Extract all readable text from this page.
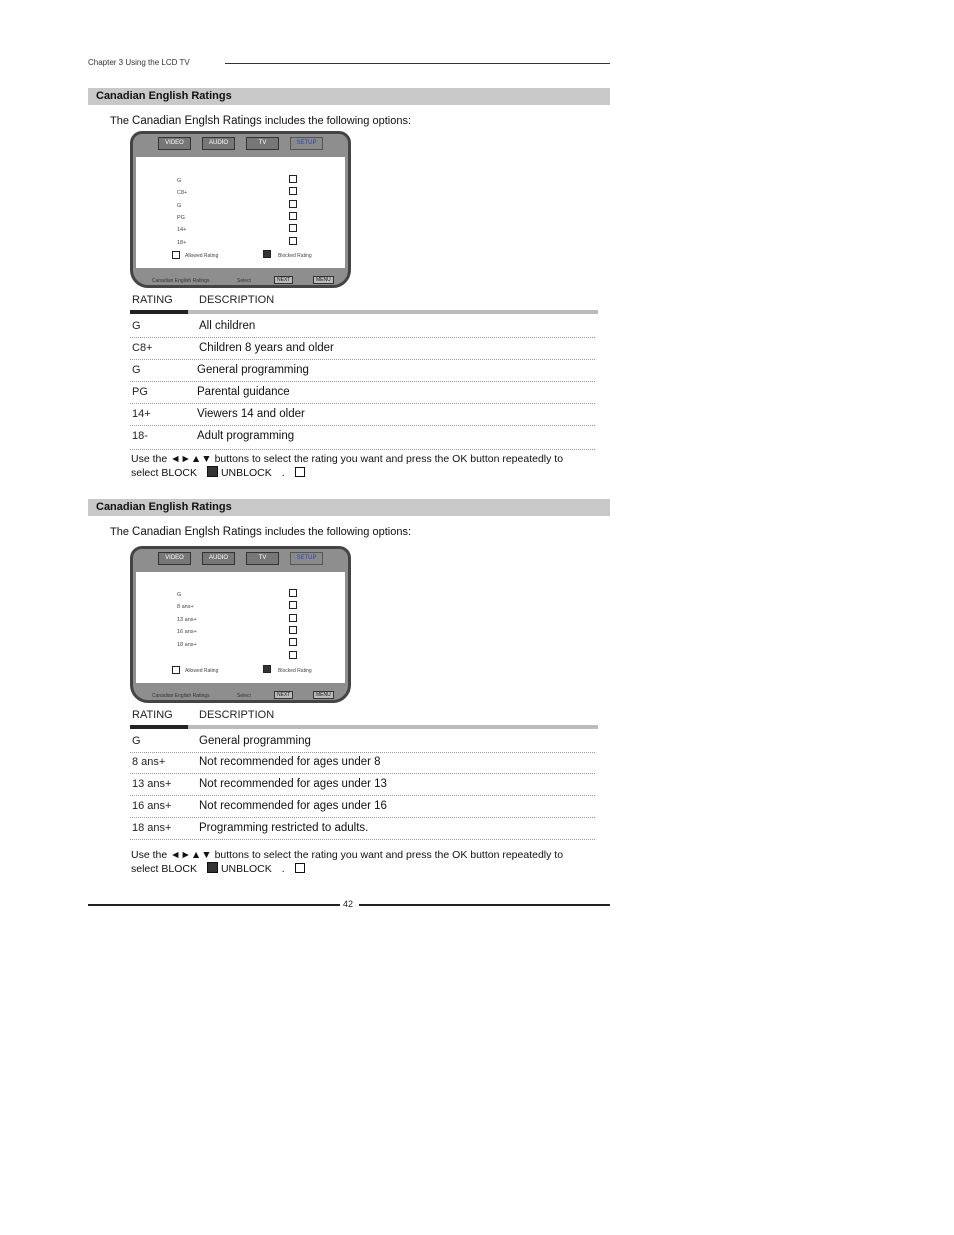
Chapter 3 Using the LCD TV
Canadian English Ratings
The Canadian Englsh Ratings includes the following options:
VIDEO	AUDIO	TV	SETUP
G
C8+
G
PG
14+
18+
Allowed Rating	Blocked Rating
Canadian English Ratings	Select	NEXT	MENU
RATING DESCRIPTION
G	All children
C8+	Children 8 years and older
G	General programming
PG	Parental guidance
14+	Viewers 14 and older
18-	Adult programming
Use the ◄►▲▼ buttons to select the rating you want and press the OK button repeatedly to
select BLOCK UNBLOCK .
Canadian English Ratings
The Canadian Englsh Ratings includes the following options:
VIDEO	AUDIO	TV	SETUP
G
8 ans+
13 ans+
16 ans+
18 ans+
Allowed Rating	Blocked Rating
Canadian English Ratings	Select	NEXT	MENU
RATING DESCRIPTION
G	General programming
8 ans+	Not recommended for ages under 8
13 ans+ Not recommended for ages under 13
16 ans+ Not recommended for ages under 16
18 ans+ Programming restricted to adults.
Use the ◄►▲▼ buttons to select the rating you want and press the OK button repeatedly to
select BLOCK UNBLOCK .
42
